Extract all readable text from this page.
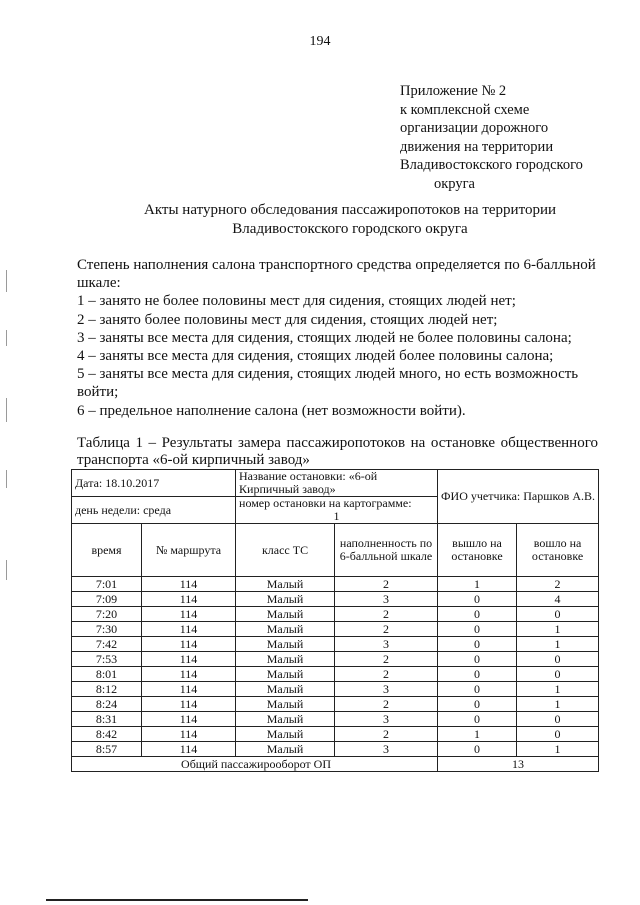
194
Приложение № 2
к комплексной схеме
организации дорожного
движения на территории
Владивостокского городского
округа
Акты натурного обследования пассажиропотоков на территории
Владивостокского городского округа
Степень наполнения салона транспортного средства определяется по 6-балльной
шкале:
1 – занято не более половины мест для сидения, стоящих людей нет;
2 – занято более половины мест для сидения, стоящих людей нет;
3 – заняты все места для сидения, стоящих людей не более половины салона;
4 – заняты все места для сидения, стоящих людей более половины салона;
5 – заняты все места для сидения, стоящих людей много, но есть возможность
войти;
6 – предельное наполнение салона (нет возможности войти).
Таблица 1 – Результаты замера пассажиропотоков на остановке общественного
транспорта «6-ой кирпичный завод»
Дата: 18.10.2017		Название остановки: «6-ой Кирпичный завод»		ФИО учетчика: Паршков А.В.	
день недели: среда		номер остановки на картограмме:
1			

время	№ маршрута	класс ТС	наполненность по 6-балльной шкале	вышло на остановке	вошло на остановке
7:01	114	Малый	2	1	2
7:09	114	Малый	3	0	4
7:20	114	Малый	2	0	0
7:30	114	Малый	2	0	1
7:42	114	Малый	3	0	1
7:53	114	Малый	2	0	0
8:01	114	Малый	2	0	0
8:12	114	Малый	3	0	1
8:24	114	Малый	2	0	1
8:31	114	Малый	3	0	0
8:42	114	Малый	2	1	0
8:57	114	Малый	3	0	1
Общий пассажирооборот ОП				13	
